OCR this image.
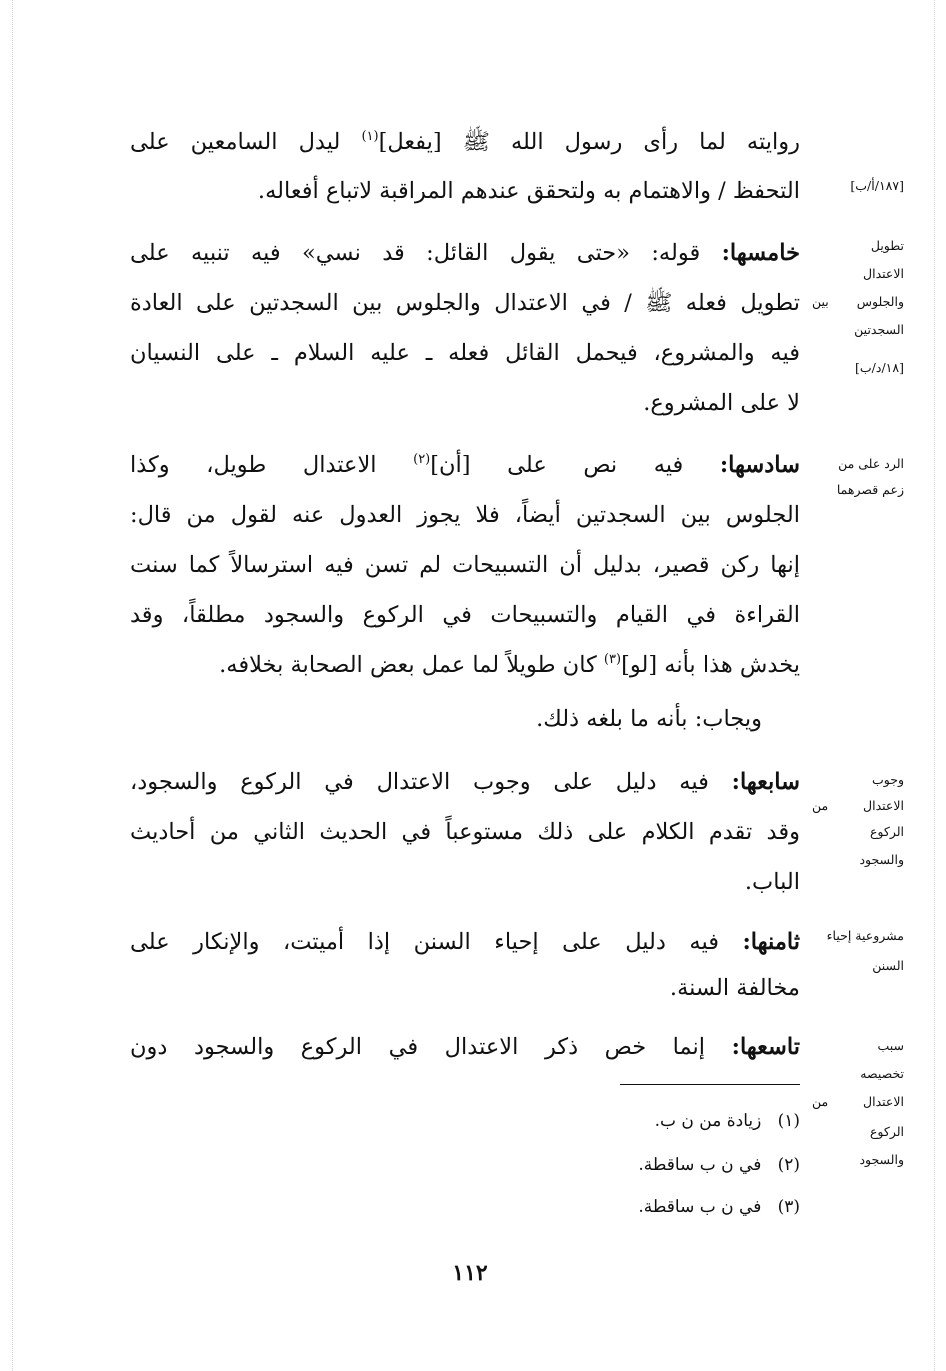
روايته لما رأى رسول الله ﷺ [يفعل]$^{(١)}$ ليدل السامعين على
التحفظ / والاهتمام به ولتحقق عندهم المراقبة لاتباع أفعاله.
خامسها: قوله: «حتى يقول القائل: قد نسي» فيه تنبيه على
تطويل فعله ﷺ / في الاعتدال والجلوس بين السجدتين على العادة
فيه والمشروع، فيحمل القائل فعله ـ عليه السلام ـ على النسيان
لا على المشروع.
سادسها: فيه نص على [أن]$^{(٢)}$ الاعتدال طويل، وكذا
الجلوس بين السجدتين أيضاً، فلا يجوز العدول عنه لقول من قال:
إنها ركن قصير، بدليل أن التسبيحات لم تسن فيه استرسالاً كما سنت
القراءة في القيام والتسبيحات في الركوع والسجود مطلقاً، وقد
يخدش هذا بأنه [لو]$^{(٣)}$ كان طويلاً لما عمل بعض الصحابة بخلافه.
ويجاب: بأنه ما بلغه ذلك.
سابعها: فيه دليل على وجوب الاعتدال في الركوع والسجود،
وقد تقدم الكلام على ذلك مستوعباً في الحديث الثاني من أحاديث
الباب.
ثامنها: فيه دليل على إحياء السنن إذا أميتت، والإنكار على
مخالفة السنة.
تاسعها: إنما خص ذكر الاعتدال في الركوع والسجود دون
[١٨٧/أ/ب]
تطويل
الاعتدال
والجلوس بين
السجدتين
[١٨/د/ب]
الرد على من
زعم قصرهما
وجوب
الاعتدال من
الركوع
والسجود
مشروعية إحياء
السنن
سبب
تخصيصه
الاعتدال من
الركوع
والسجود
(١)   زيادة من ن ب.
(٢)   في ن ب ساقطة.
(٣)   في ن ب ساقطة.
١١٢
